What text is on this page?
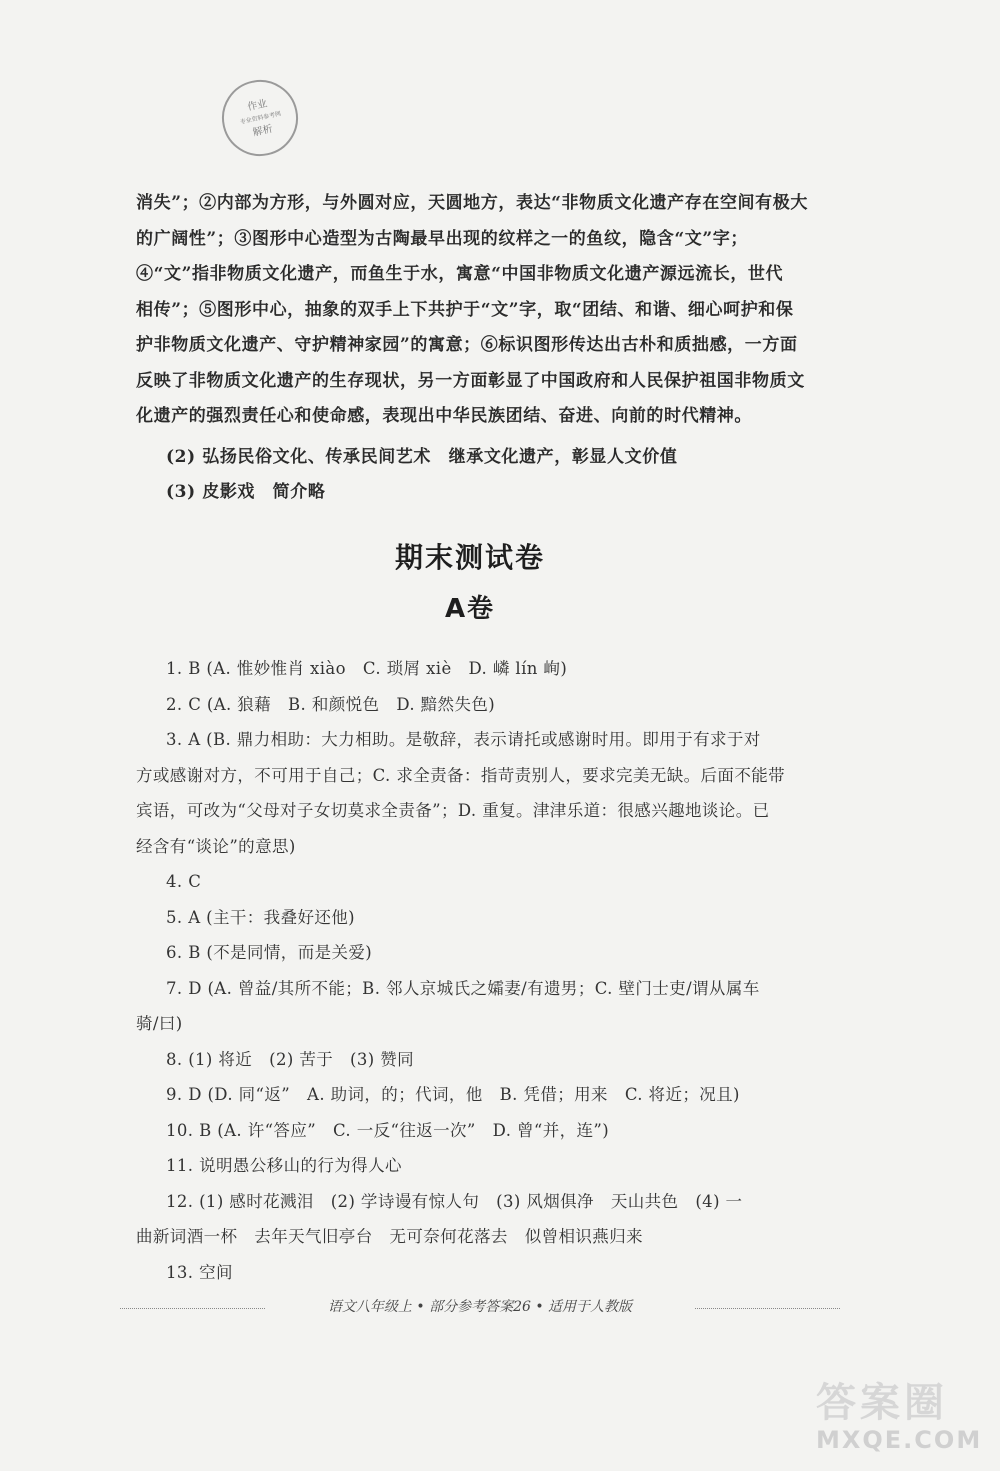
作业
专业资料参考网
解析
消失”；②内部为方形，与外圆对应，天圆地方，表达“非物质文化遗产存在空间有极大
的广阔性”；③图形中心造型为古陶最早出现的纹样之一的鱼纹，隐含“文”字；
④“文”指非物质文化遗产，而鱼生于水，寓意“中国非物质文化遗产源远流长，世代
相传”；⑤图形中心，抽象的双手上下共护于“文”字，取“团结、和谐、细心呵护和保
护非物质文化遗产、守护精神家园”的寓意；⑥标识图形传达出古朴和质拙感，一方面
反映了非物质文化遗产的生存现状，另一方面彰显了中国政府和人民保护祖国非物质文
化遗产的强烈责任心和使命感，表现出中华民族团结、奋进、向前的时代精神。
(2) 弘扬民俗文化、传承民间艺术　继承文化遗产，彰显人文价值
(3) 皮影戏　简介略
期末测试卷
A卷
1. B (A. 惟妙惟肖 xiào　C. 琐屑 xiè　D. 嶙 lín 峋)
2. C (A. 狼藉　B. 和颜悦色　D. 黯然失色)
3. A (B. 鼎力相助：大力相助。是敬辞，表示请托或感谢时用。即用于有求于对
方或感谢对方，不可用于自己；C. 求全责备：指苛责别人，要求完美无缺。后面不能带
宾语，可改为“父母对子女切莫求全责备”；D. 重复。津津乐道：很感兴趣地谈论。已
经含有“谈论”的意思)
4. C
5. A (主干：我叠好还他)
6. B (不是同情，而是关爱)
7. D (A. 曾益/其所不能；B. 邻人京城氏之孀妻/有遗男；C. 壁门士吏/谓从属车
骑/曰)
8. (1) 将近　(2) 苦于　(3) 赞同
9. D (D. 同“返”　A. 助词，的；代词，他　B. 凭借；用来　C. 将近；况且)
10. B (A. 许“答应”　C. 一反“往返一次”　D. 曾“并，连”)
11. 说明愚公移山的行为得人心
12. (1) 感时花溅泪　(2) 学诗谩有惊人句　(3) 风烟俱净　天山共色　(4) 一
曲新词酒一杯　去年天气旧亭台　无可奈何花落去　似曾相识燕归来
13. 空间
语文八年级上 • 部分参考答案26 • 适用于人教版
答案圈
MXQE.COM
